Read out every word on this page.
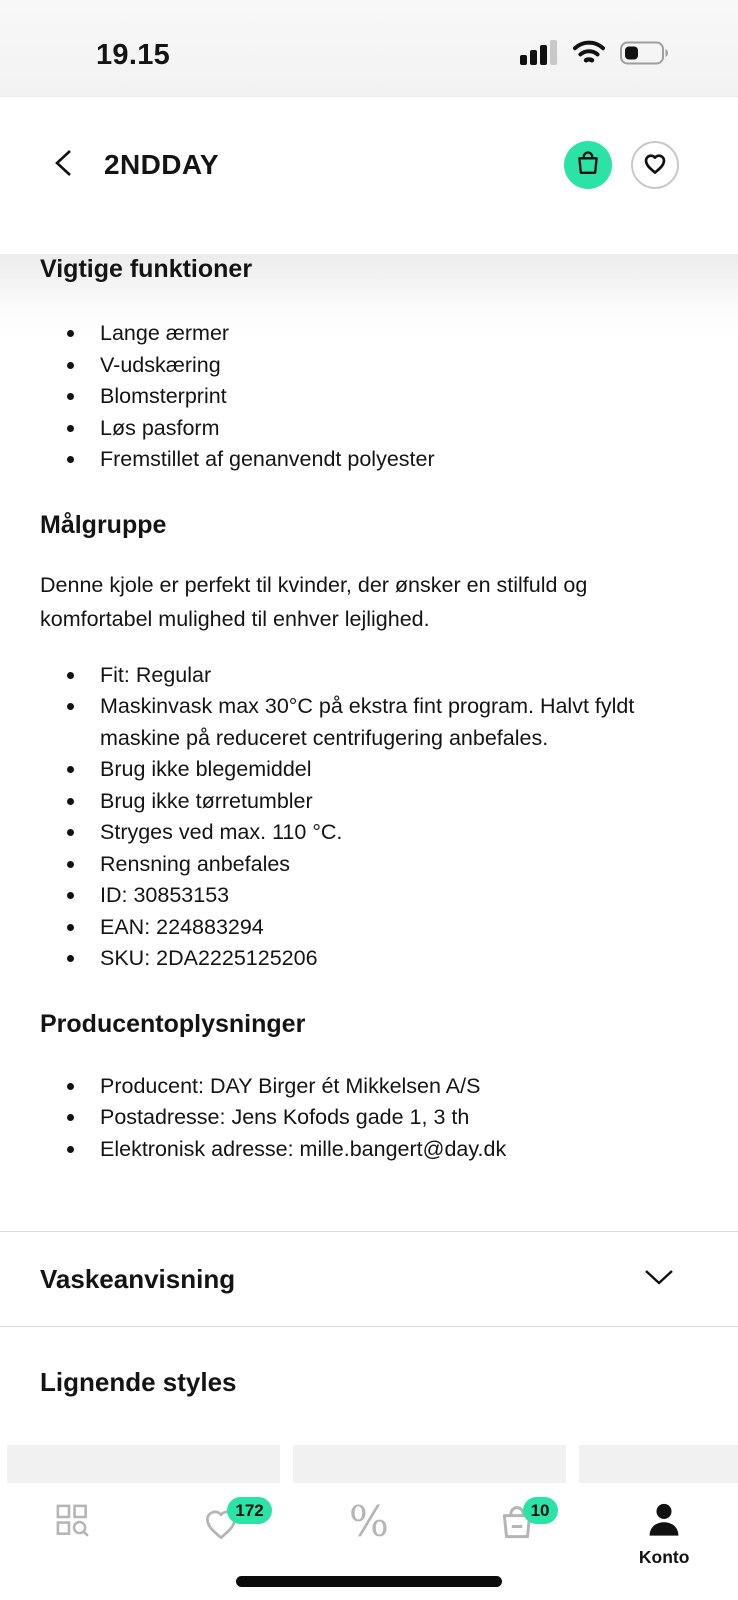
19.15
2NDDAY
Vigtige funktioner
Lange ærmer
V-udskæring
Blomsterprint
Løs pasform
Fremstillet af genanvendt polyester
Målgruppe

Denne kjole er perfekt til kvinder, der ønsker en stilfuld og komfortabel mulighed til enhver lejlighed.

Fit: Regular
Maskinvask max 30°C på ekstra fint program. Halvt fyldt maskine på reduceret centrifugering anbefales.
Brug ikke blegemiddel
Brug ikke tørretumbler
Stryges ved max. 110 °C.
Rensning anbefales
ID: 30853153
EAN: 224883294
SKU: 2DA2225125206
Producentoplysninger
Producent: DAY Birger ét Mikkelsen A/S
Postadresse: Jens Kofods gade 1, 3 th
Elektronisk adresse: mille.bangert@day.dk
Vaskeanvisning
Lignende styles
172 %	10
Konto
